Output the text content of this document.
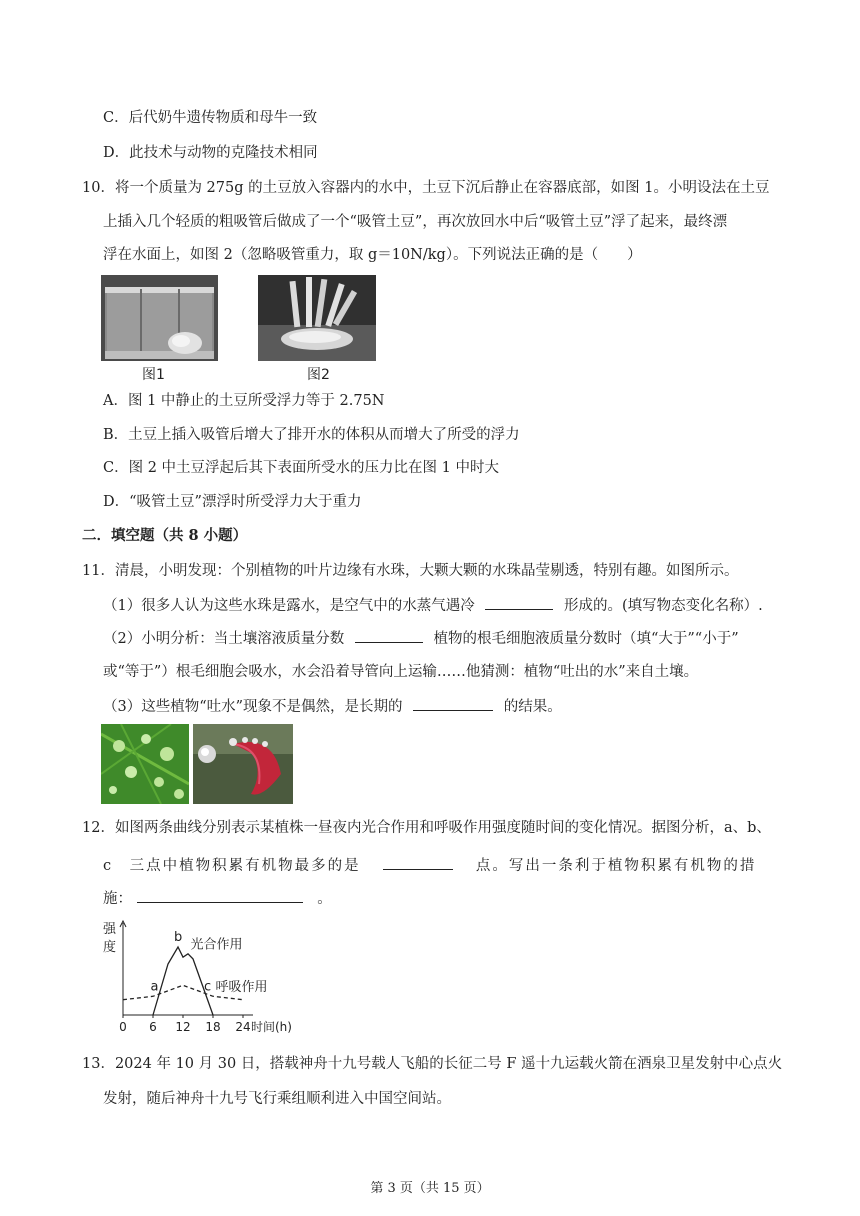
C．后代奶牛遗传物质和母牛一致
D．此技术与动物的克隆技术相同
10．将一个质量为 275g 的土豆放入容器内的水中，土豆下沉后静止在容器底部，如图 1。小明设法在土豆
上插入几个轻质的粗吸管后做成了一个“吸管土豆”，再次放回水中后“吸管土豆”浮了起来，最终漂
浮在水面上，如图 2（忽略吸管重力，取 g＝10N/kg）。下列说法正确的是（　　）
图1	图2
A．图 1 中静止的土豆所受浮力等于 2.75N
B．土豆上插入吸管后增大了排开水的体积从而增大了所受的浮力
C．图 2 中土豆浮起后其下表面所受水的压力比在图 1 中时大
D．“吸管土豆”漂浮时所受浮力大于重力
二．填空题（共 8 小题）
11．清晨，小明发现：个别植物的叶片边缘有水珠，大颗大颗的水珠晶莹剔透，特别有趣。如图所示。
（1）很多人认为这些水珠是露水，是空气中的水蒸气遇冷	形成的。(填写物态变化名称）.
（2）小明分析：当土壤溶液质量分数	植物的根毛细胞液质量分数时（填“大于”“小于”
或“等于”）根毛细胞会吸水，水会沿着导管向上运输……他猜测：植物“吐出的水”来自土壤。
（3）这些植物“吐水”现象不是偶然，是长期的	的结果。
12．如图两条曲线分别表示某植株一昼夜内光合作用和呼吸作用强度随时间的变化情况。据图分析，a、b、
c　三点中植物积累有机物最多的是	点。写出一条利于植物积累有机物的措
施：	。
强
度
0 6 12 18 24 时间(h)
光合作用
呼吸作用
a
b
c
13．2024 年 10 月 30 日，搭载神舟十九号载人飞船的长征二号 F 遥十九运载火箭在酒泉卫星发射中心点火
发射，随后神舟十九号飞行乘组顺利进入中国空间站。
第 3 页（共 15 页）
